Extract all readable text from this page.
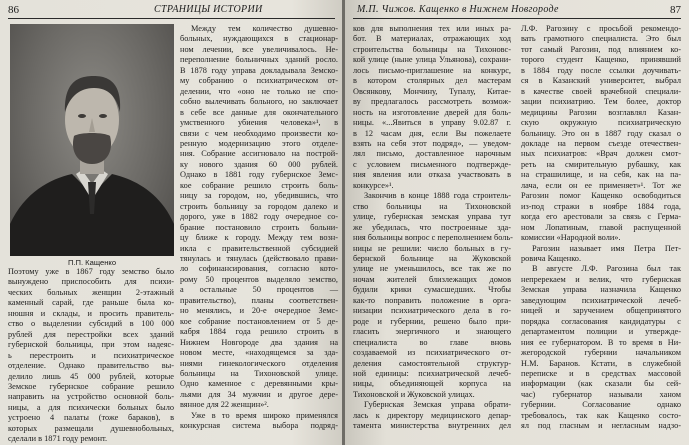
86	СТРАНИЦЫ ИСТОРИИ
П.П. Кащенко
Поэтому уже в 1867 году земство было
вынуждено приспособить для психи-
ческих больных женщин 2-этажный
каменный сарай, где раньше была ко-
нюшня и склады, и просить правитель-
ство о выделении субсидий в 100 000
рублей для перестройки всех зданий
губернской больницы, при этом надеяс-
ь перестроить и психиатрическое
отделение. Однако правительство вы-
делило лишь 45 000 рублей, которые
Земское губернское собрание решило
направить на устройство основной боль-
ницы, а для психически больных было
устроено 4 палаты (тоже бараков), в
которых размещали душевнобольных,
сделали в 1871 году ремонт.
Между тем количество душевно-
больных, нуждающихся в стационар-
ном лечении, все увеличивалось. Не-
переполнение больничных зданий росло.
В 1878 году управа докладывала Земско-
му собранию о психиатрическом от-
делении, что «оно не только не спо-
собно вылечивать больного, но заключает
в себе все данные для окончательного
умственного убиения человека»¹, в
связи с чем необходимо произвести ко-
ренную модернизацию этого отделе-
ния. Собрание ассигновало на построй-
ку нового здания 60 000 рублей.
Однако в 1881 году губернское Земс-
кое собрание решило строить боль-
ницу за городом, но, убедившись, что
строить больницу за городом далеко и
дорого, уже в 1882 году очередное со-
брание постановило строить больни-
цу ближе к городу. Между тем возн-
икла с правительственной субсидией
тянулась и тянулась (действовало прави-
ло софинансирования, согласно кото-
рому 50 процентов выделяло земство,
а остальные 50 процентов —
правительство), планы соответствен-
но менялись, и 20-е очередное Земс-
кое собрание постановлением от 5 де-
кабря 1884 года решило строить в
Нижнем Новгороде два здания на
новом месте, «находящемся за зда-
ниями гинекологического отделения
больницы на Тихоновской улице.
Одно каменное с деревянными кры-
льями для 34 мужчин и другое дере-
вянное для 22 женщин»².
Уже в то время широко применялся
конкурсная система выбора подряд-
М.П. Чижов. Кащенко в Нижнем Новгороде	87
ков для выполнения тех или иных ра-
бот. В материалах, отражающих ход
строительства больницы на Тихоновс-
кой улице (ныне улица Ульянова), сохрани-
лось письмо-приглашение на конкурс,
в котором столярных дел мастерам
Овсянкову, Мончину, Тупалу, Китае-
ву предлагалось рассмотреть возмож-
ность на изготовление дверей для боль-
ницы. «...Явиться в управу 9.02.87 г.
в 12 часам дня, если Вы пожелаете
взять на себя этот подряд», — уведом-
лял письмо, доставленное нарочным
с условием письменного подтвержде-
ния явления или отказа участвовать в
конкурсе»¹.
Закончив в конце 1888 года строитель-
ство больницы на Тихоновской
улице, губернская земская управа тут
же убедилась, что построенные зда-
ния больницы вопрос с переполнением боль-
ницы не решили: число больных в гу-
бернской больнице на Жуковской
улице не уменьшилось, все так же по
ночам жителей близлежащих домов
будили крики сумасшедших. Чтобы
как-то поправить положение в орга-
низации психиатрического дела в го-
роде и губернии, решено было при-
гласить энергичного и знающего
специалиста во главе вновь
создаваемой из психиатрического от-
деления самостоятельной структур-
ной единицы: психиатрической лечеб-
ницы, объединяющей корпуса на
Тихоновской и Жуковской улицах.
Губернская Земская управа обрати-
лась к директору медицинского депар-
тамента министерства внутренних дел
Л.Ф. Рагозину с просьбой рекомендо-
вать грамотного специалиста. Это был
тот самый Рагозин, под влиянием ко-
торого студент Кащенко, принявший
в 1884 году после ссылки доучивать-
ся в Казанский университет, выбрал
в качестве своей врачебной специали-
зации психиатрию. Тем более, доктор
медицины Рагозин возглавлял Казан-
скую окружную психиатрическую
больницу. Это он в 1887 году сказал о
докладе на первом съезде отечествен-
ных психиатров: «Врач должен смот-
реть на смирительную рубашку, как
на страшилище, и на себя, как на па-
лача, если он ее применяет»¹. Тот же
Рагозин помог Кащенко освободиться
из-под стражи в ноябре 1884 года,
когда его арестовали за связь с Герма-
ном Лопатиным, главой распущенной
комиссии «Народной воли».
Рагозин называет имя Петра Пет-
ровича Кащенко.
В августе Л.Ф. Рагозина был так
непререкаем и велик, что губернская
Земская управа назначила Кащенко
заведующим психиатрической лечеб-
ницей и заручением общепринятого
порядка согласования кандидатуры с
департаментом полиции и утвержде-
ния ее губернатором. В то время в Ни-
жегородской губернии начальником
Н.М. Баранов. Кстати, в служебной
переписке и в средствах массовой
информации (как сказали бы сей-
час) губернатор называли ханом
губернии. Согласование однако
требовалось, так как Кащенко состо-
ял под гласным и негласным надзо-
